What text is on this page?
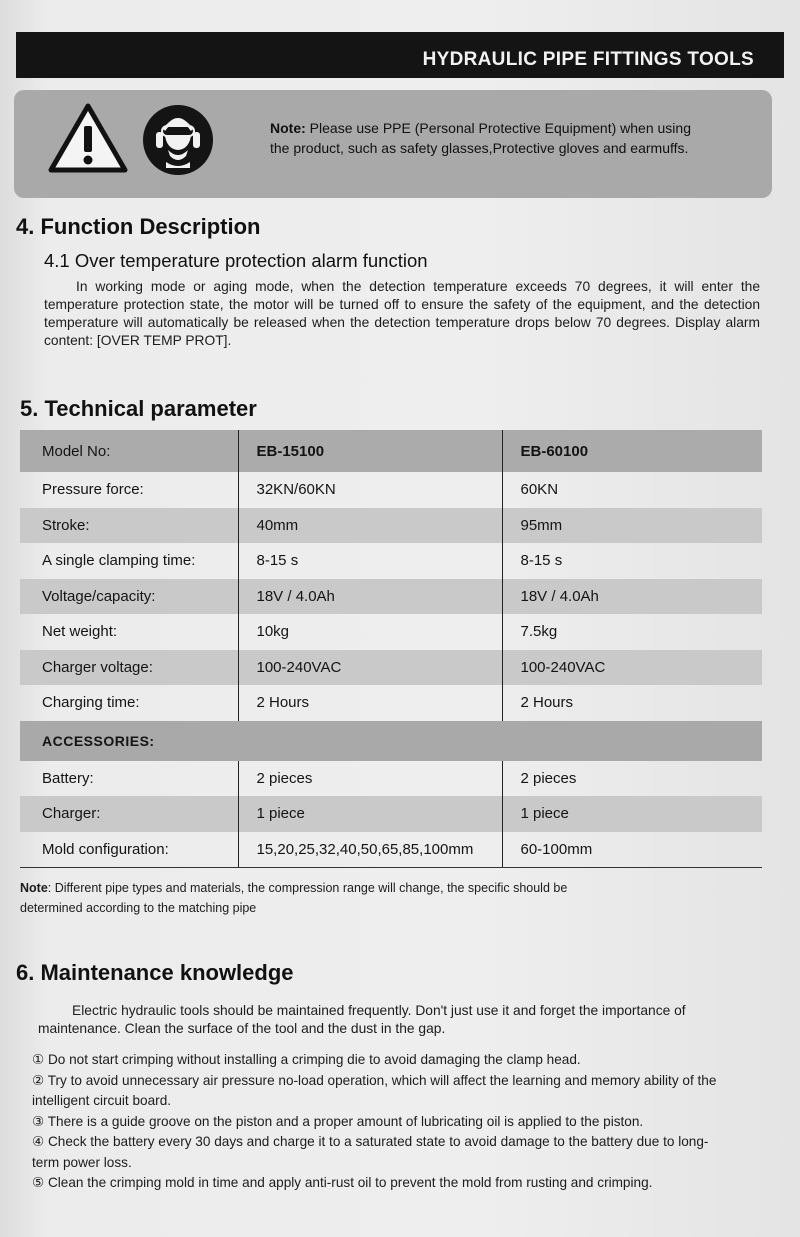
HYDRAULIC PIPE FITTINGS TOOLS
Note: Please use PPE (Personal Protective Equipment) when using the product, such as safety glasses,Protective gloves and earmuffs.
4. Function Description
4.1 Over temperature protection alarm function
In working mode or aging mode, when the detection temperature exceeds 70 degrees, it will enter the temperature protection state, the motor will be turned off to ensure the safety of the equipment, and the detection temperature will automatically be released when the detection temperature drops below 70 degrees. Display alarm content: [OVER TEMP PROT].
5. Technical parameter
Model No:	EB-15100	EB-60100
Pressure force:	32KN/60KN	60KN
Stroke:	40mm	95mm
A single clamping time:	8-15 s	8-15 s
Voltage/capacity:	18V / 4.0Ah	18V / 4.0Ah
Net weight:	10kg	7.5kg
Charger voltage:	100-240VAC	100-240VAC
Charging time:	2 Hours	2 Hours
ACCESSORIES:		
Battery:	2 pieces	2 pieces
Charger:	1 piece	1 piece
Mold configuration:	15,20,25,32,40,50,65,85,100mm	60-100mm
Note: Different pipe types and materials, the compression range will change, the specific should be determined according to the matching pipe
6. Maintenance knowledge
Electric hydraulic tools should be maintained frequently. Don't just use it and forget the importance of maintenance. Clean the surface of the tool and the dust in the gap.
① Do not start crimping without installing a crimping die to avoid damaging the clamp head.
② Try to avoid unnecessary air pressure no-load operation, which will affect the learning and memory ability of the intelligent circuit board.
③ There is a guide groove on the piston and a proper amount of lubricating oil is applied to the piston.
④ Check the battery every 30 days and charge it to a saturated state to avoid damage to the battery due to long-term power loss.
⑤ Clean the crimping mold in time and apply anti-rust oil to prevent the mold from rusting and crimping.
